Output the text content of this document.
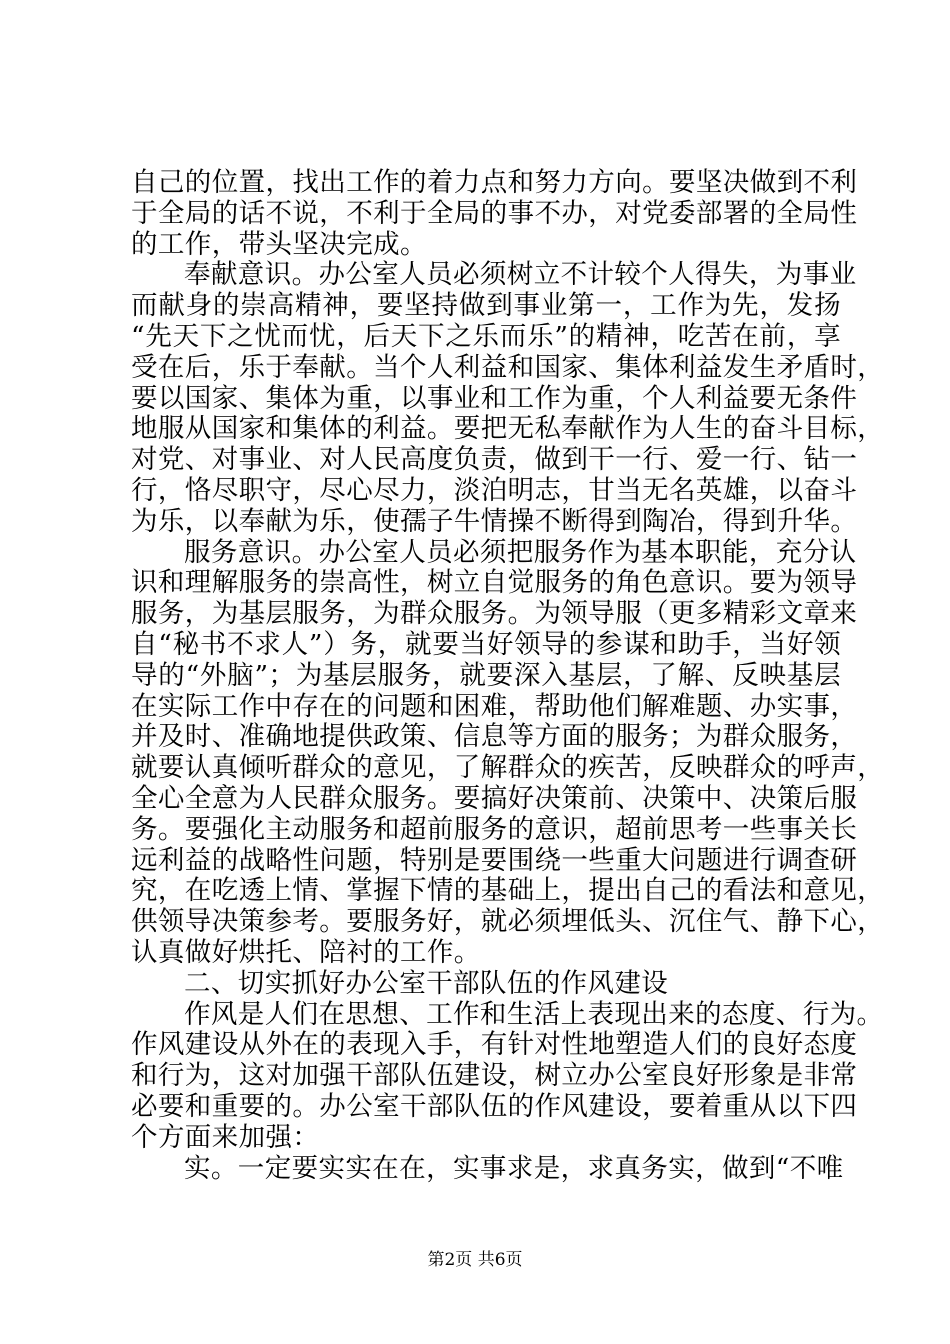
自己的位置，找出工作的着力点和努力方向。要坚决做到不利
于全局的话不说，不利于全局的事不办，对党委部署的全局性
的工作，带头坚决完成。
奉献意识。办公室人员必须树立不计较个人得失，为事业
而献身的崇高精神，要坚持做到事业第一，工作为先，发扬
“先天下之忧而忧，后天下之乐而乐”的精神，吃苦在前，享
受在后，乐于奉献。当个人利益和国家、集体利益发生矛盾时，
要以国家、集体为重，以事业和工作为重，个人利益要无条件
地服从国家和集体的利益。要把无私奉献作为人生的奋斗目标，
对党、对事业、对人民高度负责，做到干一行、爱一行、钻一
行，恪尽职守，尽心尽力，淡泊明志，甘当无名英雄，以奋斗
为乐，以奉献为乐，使孺子牛情操不断得到陶冶，得到升华。
服务意识。办公室人员必须把服务作为基本职能，充分认
识和理解服务的崇高性，树立自觉服务的角色意识。要为领导
服务，为基层服务，为群众服务。为领导服（更多精彩文章来
自“秘书不求人”）务，就要当好领导的参谋和助手，当好领
导的“外脑”；为基层服务，就要深入基层，了解、反映基层
在实际工作中存在的问题和困难，帮助他们解难题、办实事，
并及时、准确地提供政策、信息等方面的服务；为群众服务，
就要认真倾听群众的意见，了解群众的疾苦，反映群众的呼声，
全心全意为人民群众服务。要搞好决策前、决策中、决策后服
务。要强化主动服务和超前服务的意识，超前思考一些事关长
远利益的战略性问题，特别是要围绕一些重大问题进行调查研
究，在吃透上情、掌握下情的基础上，提出自己的看法和意见，
供领导决策参考。要服务好，就必须埋低头、沉住气、静下心，
认真做好烘托、陪衬的工作。
二、切实抓好办公室干部队伍的作风建设
作风是人们在思想、工作和生活上表现出来的态度、行为。
作风建设从外在的表现入手，有针对性地塑造人们的良好态度
和行为，这对加强干部队伍建设，树立办公室良好形象是非常
必要和重要的。办公室干部队伍的作风建设，要着重从以下四
个方面来加强：
实。一定要实实在在，实事求是，求真务实，做到“不唯
第2页 共6页
